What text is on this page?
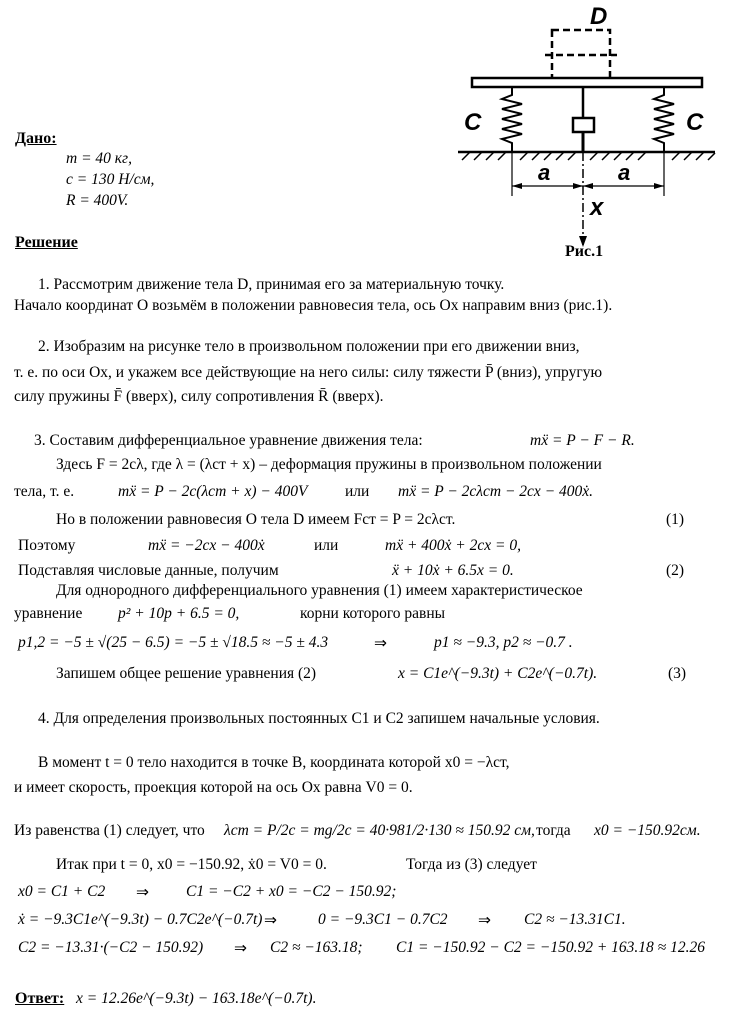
D
C	C
a	a
x
Рис.1
Дано:
m = 40 кг,
c = 130 Н/см,
R = 400V.
Решение
1. Рассмотрим движение тела D, принимая его за материальную точку.
Начало координат O возьмём в положении равновесия тела, ось Ox направим вниз (рис.1).
2. Изобразим на рисунке тело в произвольном положении при его движении вниз,
т. е. по оси Ox, и укажем все действующие на него силы: силу тяжести P̄ (вниз), упругую
силу пружины F̄ (вверх), силу сопротивления R̄ (вверх).
3. Составим дифференциальное уравнение движения тела:	mẍ = P − F − R.
Здесь F = 2cλ, где λ = (λст + x) – деформация пружины в произвольном положении
тела, т. е.	mẍ = P − 2c(λст + x) − 400V или mẍ = P − 2cλст − 2cx − 400ẋ.
Но в положении равновесия O тела D имеем Fст = P = 2cλст.	(1)
Поэтому	mẍ = −2cx − 400ẋ	или	mẍ + 400ẋ + 2cx = 0,
Подставляя числовые данные, получим	ẍ + 10ẋ + 6.5x = 0.	(2)
Для однородного дифференциального уравнения (1) имеем характеристическое
уравнение p² + 10p + 6.5 = 0,	корни которого равны
p1,2 = −5 ± √(25 − 6.5) = −5 ± √18.5 ≈ −5 ± 4.3	⇒	p1 ≈ −9.3, p2 ≈ −0.7 .
Запишем общее решение уравнения (2)	x = C1e^(−9.3t) + C2e^(−0.7t).	(3)
4. Для определения произвольных постоянных C1 и C2 запишем начальные условия.
В момент t = 0 тело находится в точке B, координата которой x0 = −λст,
и имеет скорость, проекция которой на ось Ox равна V0 = 0.
Из равенства (1) следует, что λст = P/2c = mg/2c = 40·981/2·130 ≈ 150.92 см, тогда x0 = −150.92см.
Итак при t = 0, x0 = −150.92, ẋ0 = V0 = 0.	Тогда из (3) следует
x0 = C1 + C2 ⇒ C1 = −C2 + x0 = −C2 − 150.92;
ẋ = −9.3C1e^(−9.3t) − 0.7C2e^(−0.7t) ⇒	0 = −9.3C1 − 0.7C2 ⇒ C2 ≈ −13.31C1.
C2 = −13.31·(−C2 − 150.92) ⇒ C2 ≈ −163.18; C1 = −150.92 − C2 = −150.92 + 163.18 ≈ 12.26
Ответ: x = 12.26e^(−9.3t) − 163.18e^(−0.7t).
